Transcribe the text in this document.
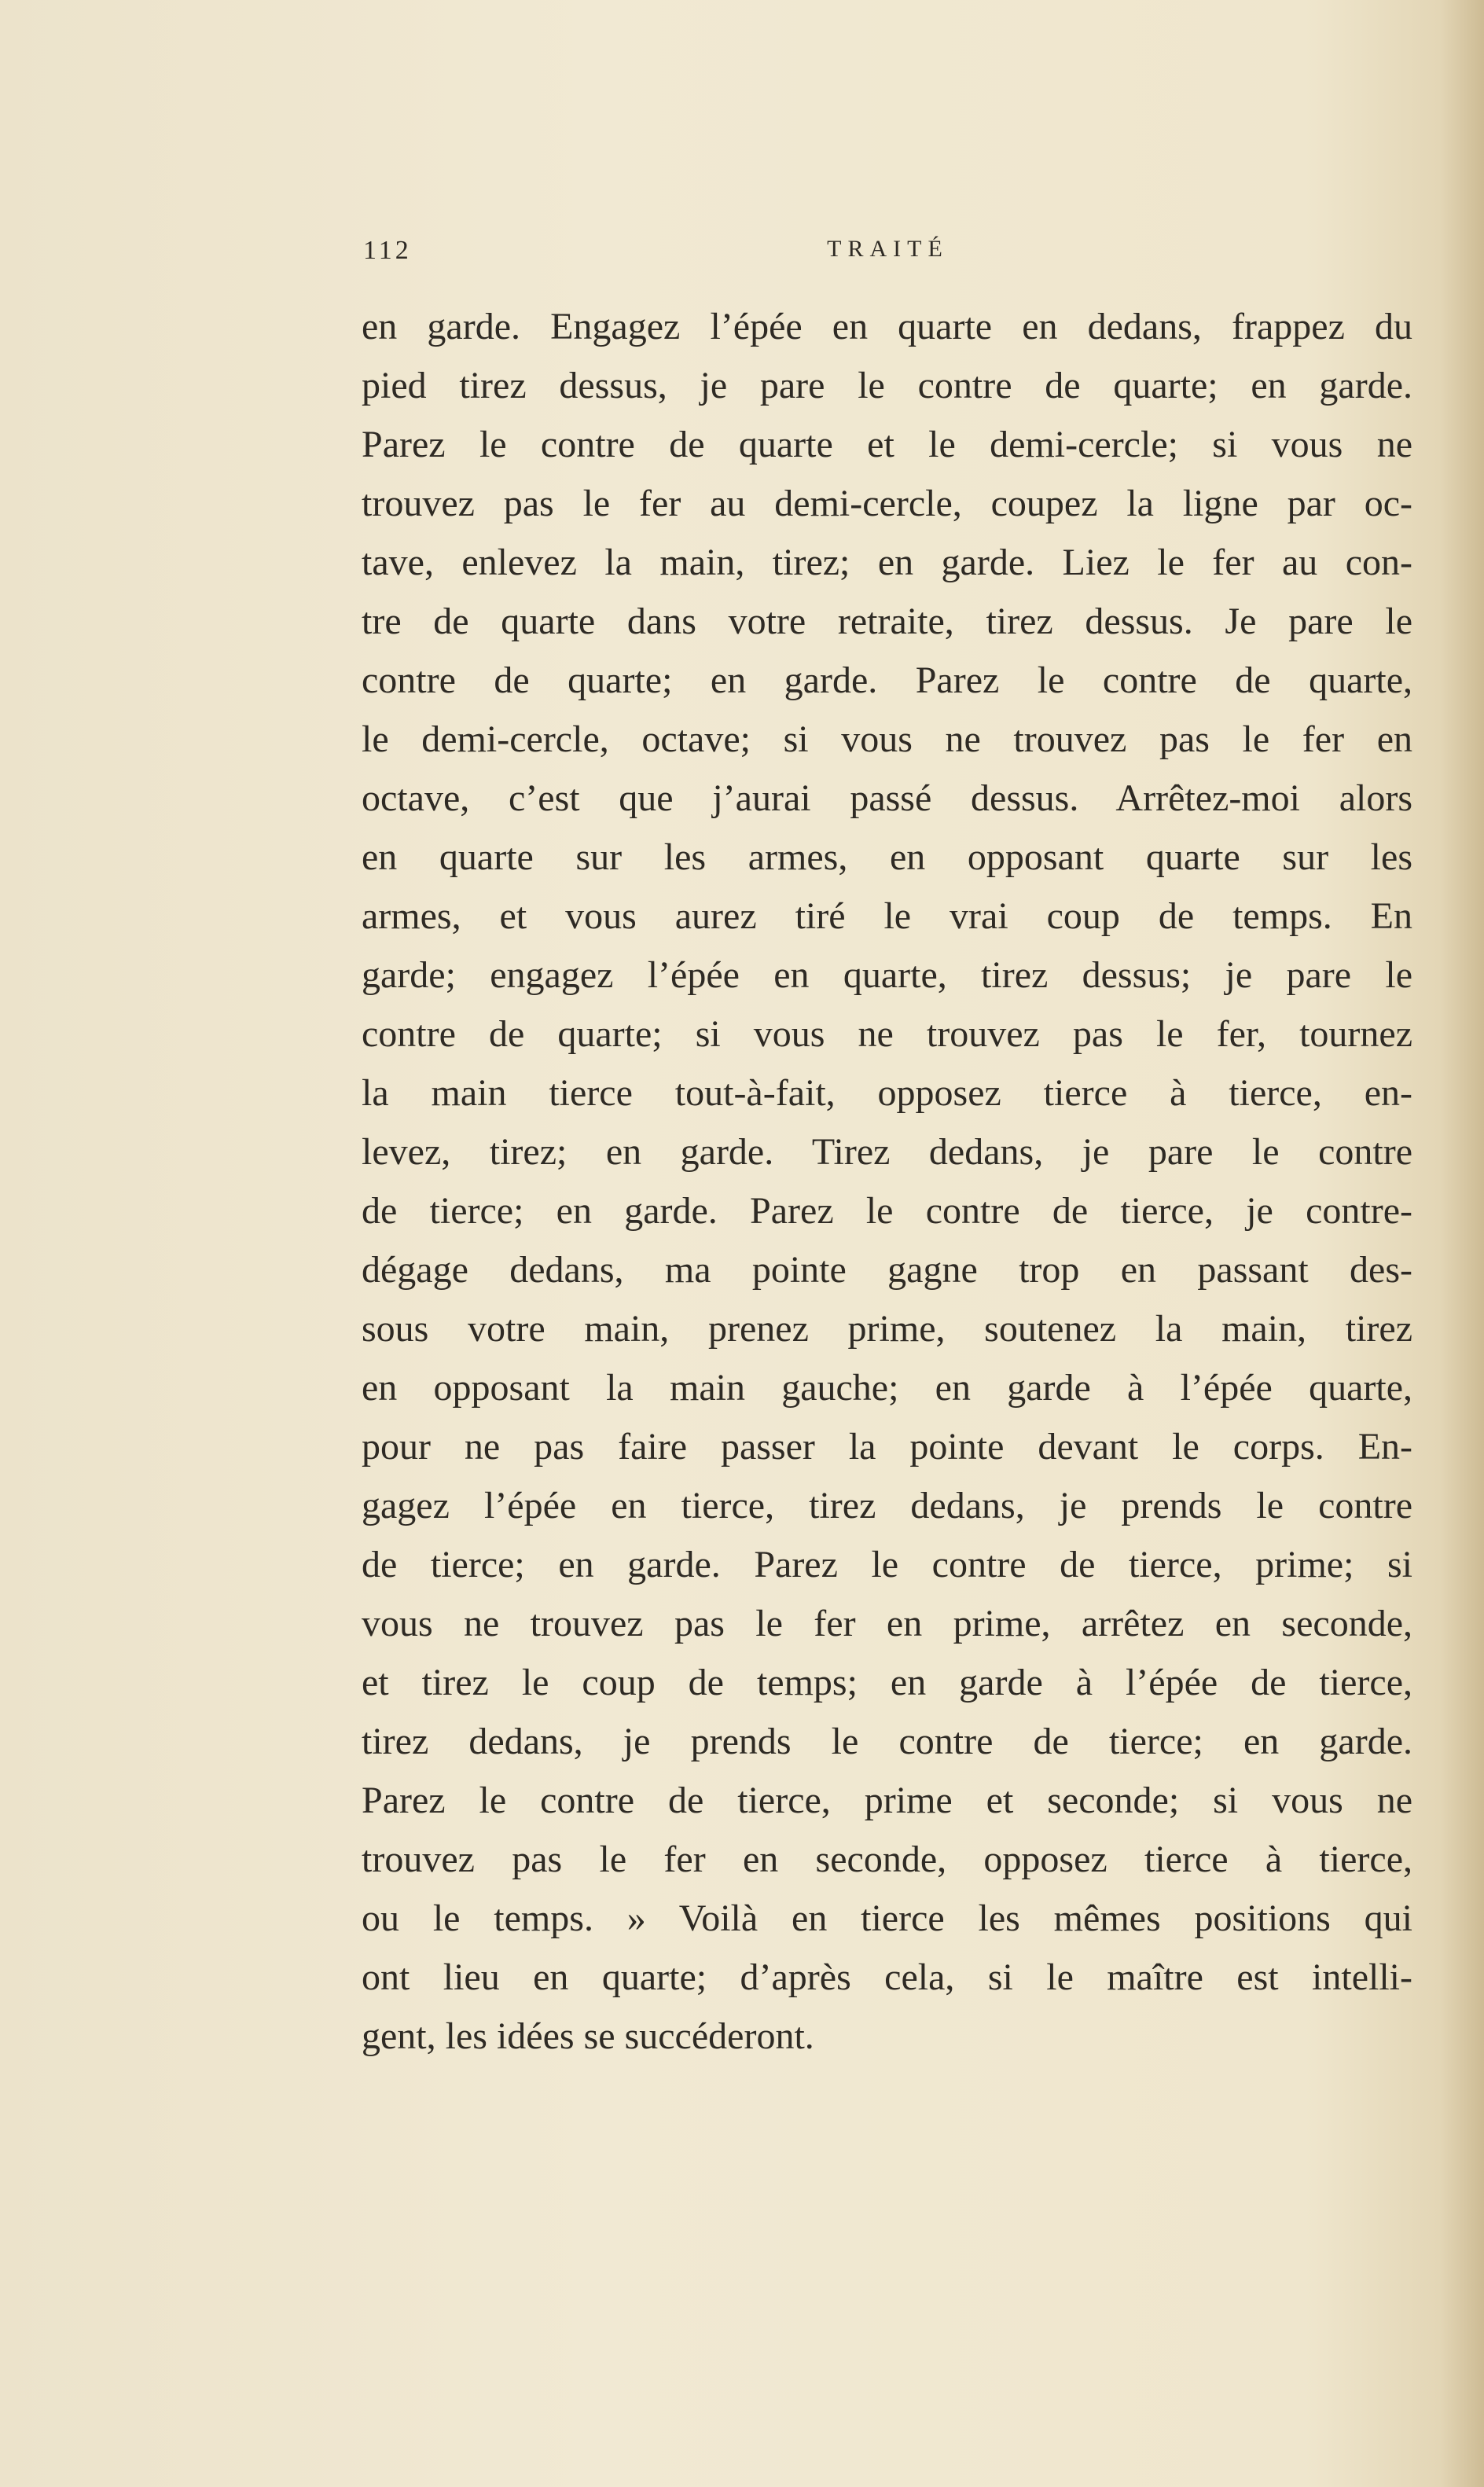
112	TRAITÉ
en garde. Engagez l’épée en quarte en dedans, frappez du
pied tirez dessus, je pare le contre de quarte; en garde.
Parez le contre de quarte et le demi-cercle; si vous ne
trouvez pas le fer au demi-cercle, coupez la ligne par oc-
tave, enlevez la main, tirez; en garde. Liez le fer au con-
tre de quarte dans votre retraite, tirez dessus. Je pare le
contre de quarte; en garde. Parez le contre de quarte,
le demi-cercle, octave; si vous ne trouvez pas le fer en
octave, c’est que j’aurai passé dessus. Arrêtez-moi alors
en quarte sur les armes, en opposant quarte sur les
armes, et vous aurez tiré le vrai coup de temps. En
garde; engagez l’épée en quarte, tirez dessus; je pare le
contre de quarte; si vous ne trouvez pas le fer, tournez
la main tierce tout-à-fait, opposez tierce à tierce, en-
levez, tirez; en garde. Tirez dedans, je pare le contre
de tierce; en garde. Parez le contre de tierce, je contre-
dégage dedans, ma pointe gagne trop en passant des-
sous votre main, prenez prime, soutenez la main, tirez
en opposant la main gauche; en garde à l’épée quarte,
pour ne pas faire passer la pointe devant le corps. En-
gagez l’épée en tierce, tirez dedans, je prends le contre
de tierce; en garde. Parez le contre de tierce, prime; si
vous ne trouvez pas le fer en prime, arrêtez en seconde,
et tirez le coup de temps; en garde à l’épée de tierce,
tirez dedans, je prends le contre de tierce; en garde.
Parez le contre de tierce, prime et seconde; si vous ne
trouvez pas le fer en seconde, opposez tierce à tierce,
ou le temps. » Voilà en tierce les mêmes positions qui
ont lieu en quarte; d’après cela, si le maître est intelli-
gent, les idées se succéderont.
